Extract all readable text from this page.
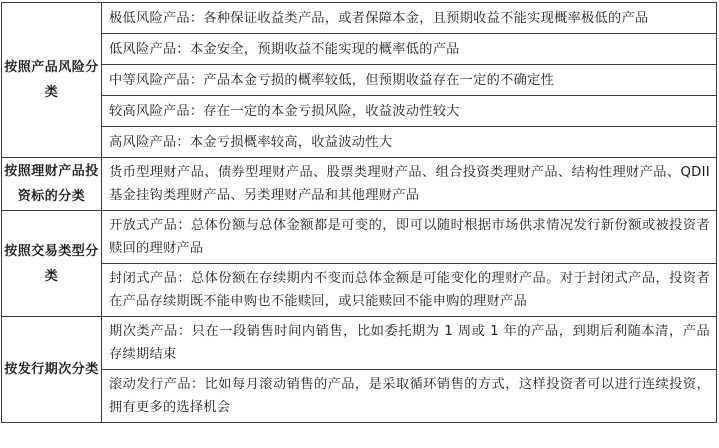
按照产品风险分类	极低风险产品：各种保证收益类产品，或者保障本金，且预期收益不能实现概率极低的产品
	低风险产品：本金安全，预期收益不能实现的概率低的产品
	中等风险产品：产品本金亏损的概率较低，但预期收益存在一定的不确定性
	较高风险产品：存在一定的本金亏损风险，收益波动性较大
	高风险产品：本金亏损概率较高，收益波动性大

按照理财产品投资标的分类	货币型理财产品、债券型理财产品、股票类理财产品、组合投资类理财产品、结构性理财产品、QDII 基金挂钩类理财产品、另类理财产品和其他理财产品

按照交易类型分类	开放式产品：总体份额与总体金额都是可变的，即可以随时根据市场供求情况发行新份额或被投资者赎回的理财产品
	封闭式产品：总体份额在存续期内不变而总体金额是可能变化的理财产品。对于封闭式产品，投资者在产品存续期既不能申购也不能赎回，或只能赎回不能申购的理财产品

按发行期次分类	期次类产品：只在一段销售时间内销售，比如委托期为 1 周或 1 年的产品，到期后利随本清，产品存续期结束
	滚动发行产品：比如每月滚动销售的产品，是采取循环销售的方式，这样投资者可以进行连续投资，拥有更多的选择机会
